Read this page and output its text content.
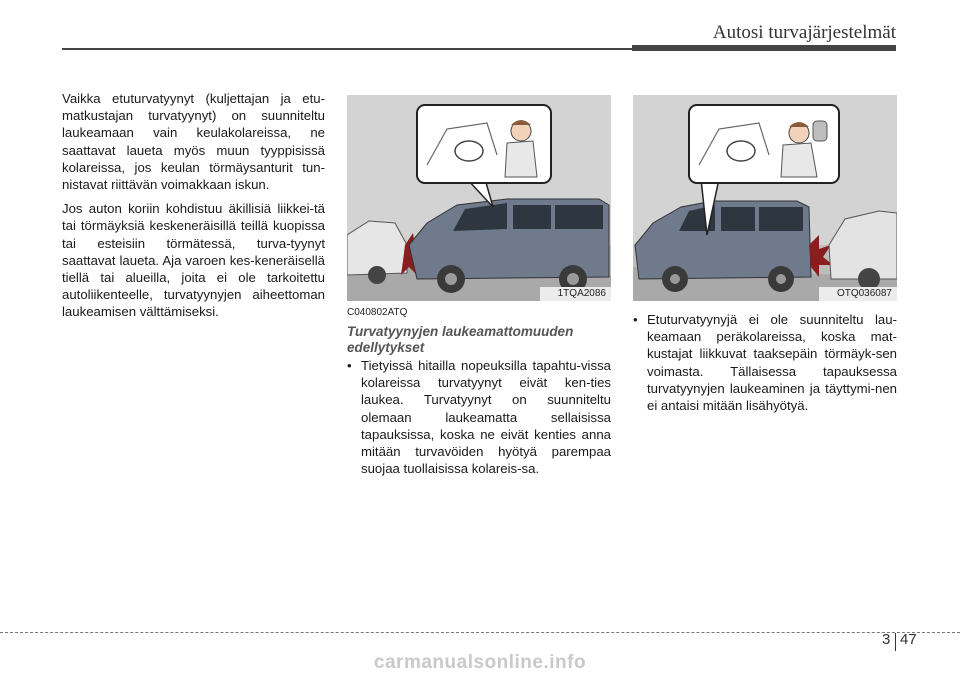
Autosi turvajärjestelmät

Vaikka etuturvatyynyt (kuljettajan ja etu-matkustajan turvatyynyt) on suunniteltu laukeamaan vain keulakolareissa, ne saattavat laueta myös muun tyyppisissä kolareissa, jos keulan törmäysanturit tun-nistavat riittävän voimakkaan iskun.

Jos auton koriin kohdistuu äkillisiä liikkei-tä tai törmäyksiä keskeneräisillä teillä kuopissa tai esteisiin törmätessä, turva-tyynyt saattavat laueta. Aja varoen kes-keneräisellä tiellä tai alueilla, joita ei ole tarkoitettu autoliikenteelle, turvatyynyjen aiheettoman laukeamisen välttämiseksi.

1TQA2086	OTQ036087
C040802ATQ
Turvatyynyjen laukeamattomuuden edellytykset
• Tietyissä hitailla nopeuksilla tapahtu-vissa kolareissa turvatyynyt eivät ken-ties laukea. Turvatyynyt on suunniteltu olemaan laukeamatta sellaisissa tapauksissa, koska ne eivät kenties anna mitään turvavöiden hyötyä parempaa suojaa tuollaisissa kolareis-sa.
• Etuturvatyynyjä ei ole suunniteltu lau-keamaan peräkolareissa, koska mat-kustajat liikkuvat taaksepäin törmäyk-sen voimasta. Tällaisessa tapauksessa turvatyynyjen laukeaminen ja täyttymi-nen ei antaisi mitään lisähyötyä.
3 47
carmanualsonline.info
